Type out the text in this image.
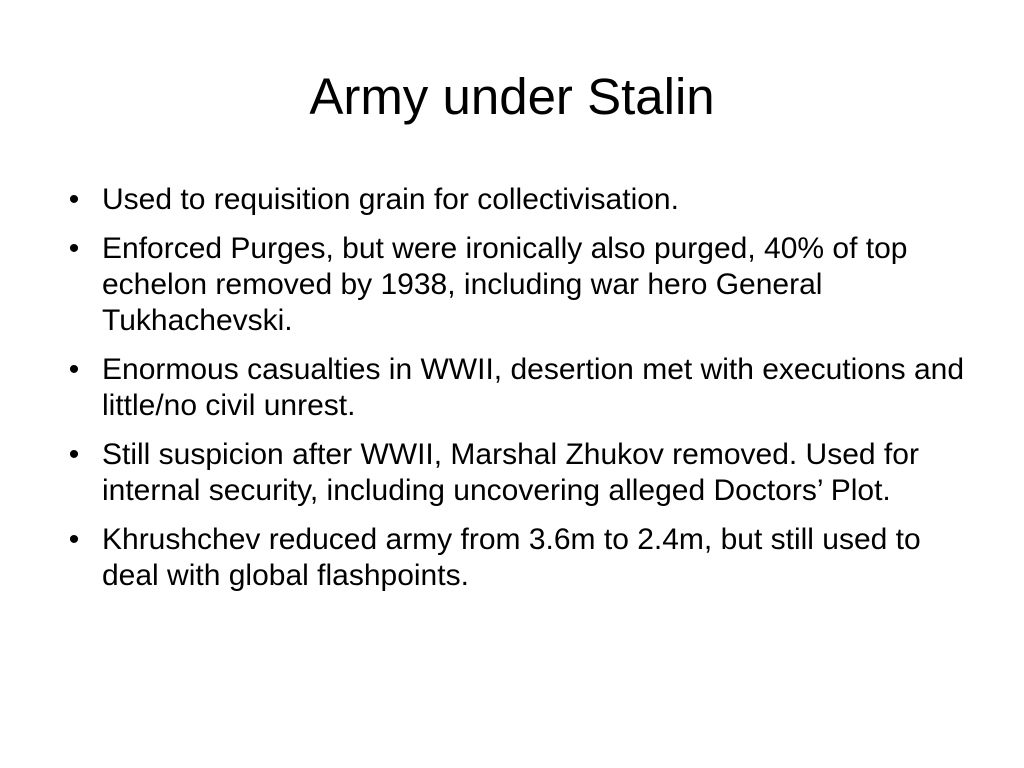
Army under Stalin
• Used to requisition grain for collectivisation.
• Enforced Purges, but were ironically also purged, 40% of top echelon removed by 1938, including war hero General Tukhachevski.
• Enormous casualties in WWII, desertion met with executions and little/no civil unrest.
• Still suspicion after WWII, Marshal Zhukov removed. Used for internal security, including uncovering alleged Doctors’ Plot.
• Khrushchev reduced army from 3.6m to 2.4m, but still used to deal with global flashpoints.
